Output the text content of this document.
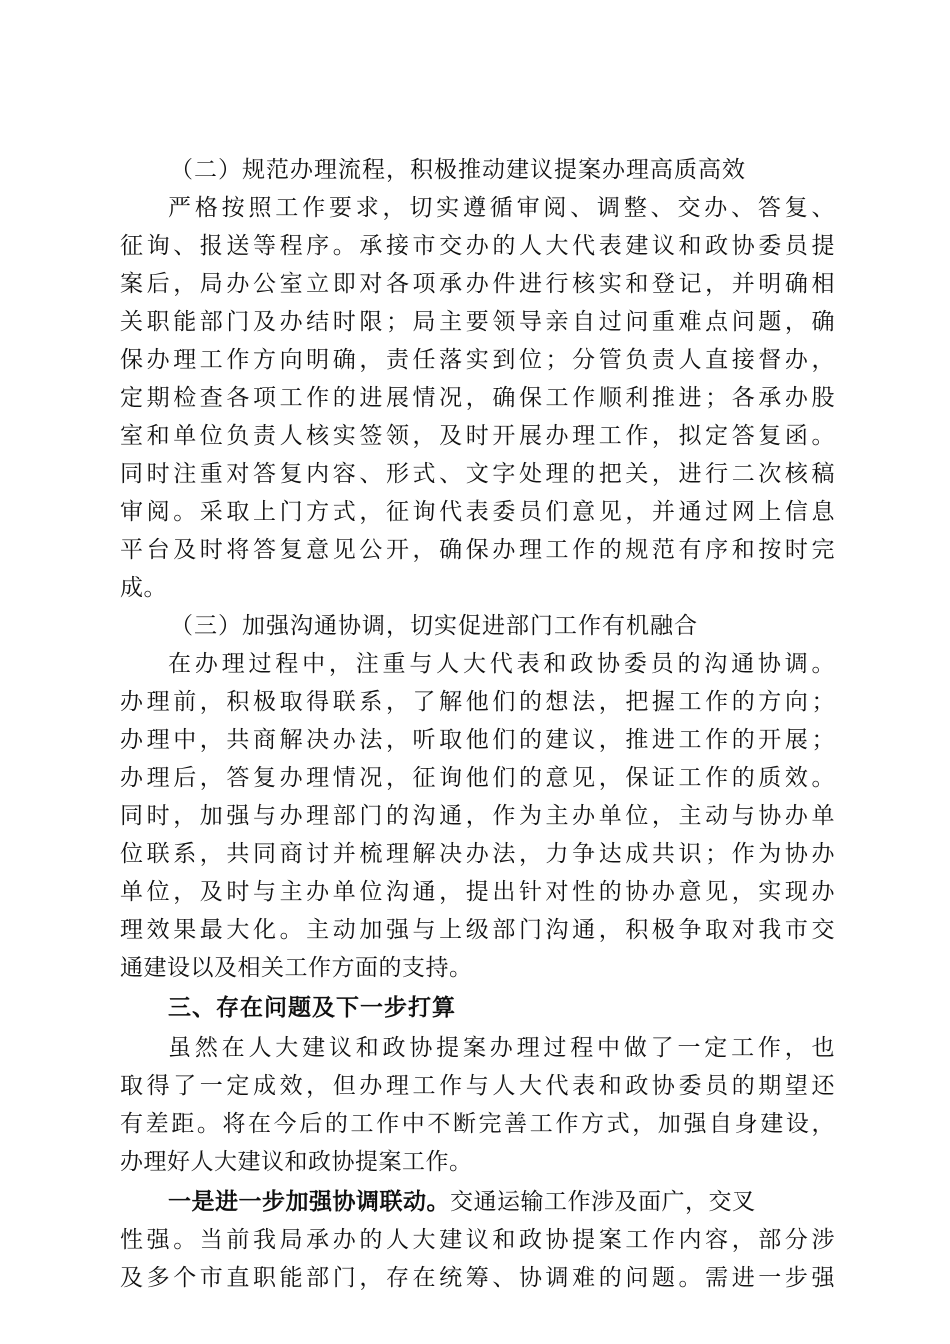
（二）规范办理流程，积极推动建议提案办理高质高效
严格按照工作要求，切实遵循审阅、调整、交办、答复、
征询、报送等程序。承接市交办的人大代表建议和政协委员提
案后，局办公室立即对各项承办件进行核实和登记，并明确相
关职能部门及办结时限；局主要领导亲自过问重难点问题，确
保办理工作方向明确，责任落实到位；分管负责人直接督办，
定期检查各项工作的进展情况，确保工作顺利推进；各承办股
室和单位负责人核实签领，及时开展办理工作，拟定答复函。
同时注重对答复内容、形式、文字处理的把关，进行二次核稿
审阅。采取上门方式，征询代表委员们意见，并通过网上信息
平台及时将答复意见公开，确保办理工作的规范有序和按时完
成。
（三）加强沟通协调，切实促进部门工作有机融合
在办理过程中，注重与人大代表和政协委员的沟通协调。
办理前，积极取得联系，了解他们的想法，把握工作的方向；
办理中，共商解决办法，听取他们的建议，推进工作的开展；
办理后，答复办理情况，征询他们的意见，保证工作的质效。
同时，加强与办理部门的沟通，作为主办单位，主动与协办单
位联系，共同商讨并梳理解决办法，力争达成共识；作为协办
单位，及时与主办单位沟通，提出针对性的协办意见，实现办
理效果最大化。主动加强与上级部门沟通，积极争取对我市交
通建设以及相关工作方面的支持。
三、存在问题及下一步打算
虽然在人大建议和政协提案办理过程中做了一定工作，也
取得了一定成效，但办理工作与人大代表和政协委员的期望还
有差距。将在今后的工作中不断完善工作方式，加强自身建设，
办理好人大建议和政协提案工作。
一是进一步加强协调联动。交通运输工作涉及面广，交叉
性强。当前我局承办的人大建议和政协提案工作内容，部分涉
及多个市直职能部门，存在统筹、协调难的问题。需进一步强
